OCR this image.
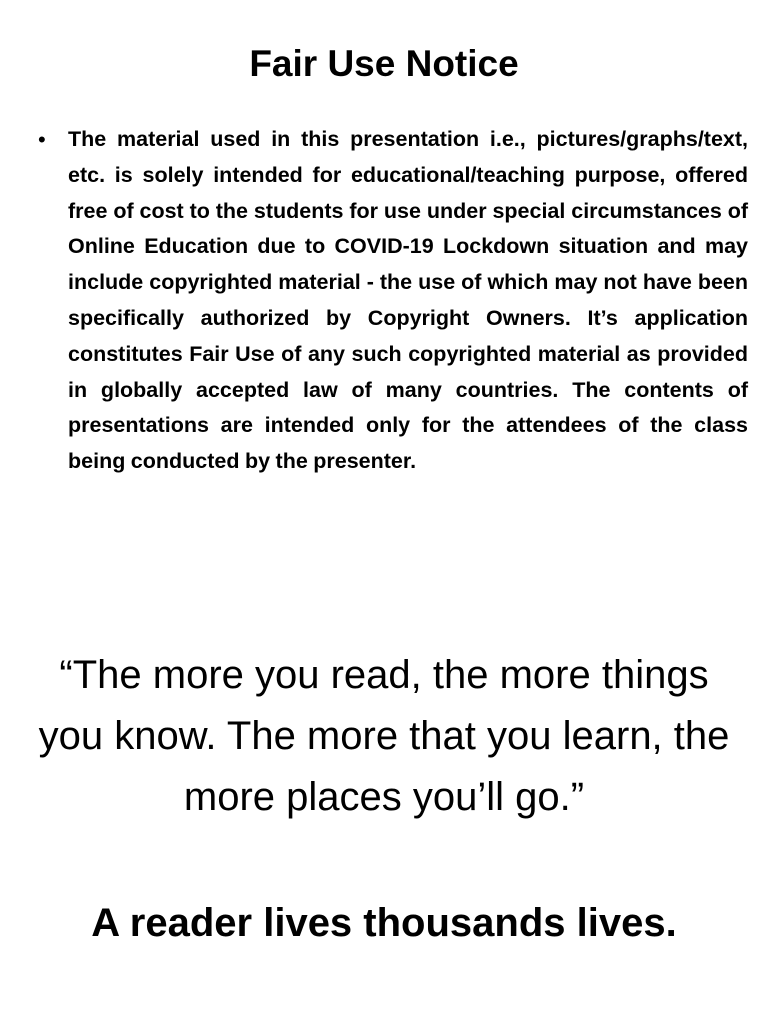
Fair Use Notice
• The material used in this presentation i.e., pictures/graphs/text, etc. is solely intended for educational/teaching purpose, offered free of cost to the students for use under special circumstances of Online Education due to COVID-19 Lockdown situation and may include copyrighted material - the use of which may not have been specifically authorized by Copyright Owners. It’s application constitutes Fair Use of any such copyrighted material as provided in globally accepted law of many countries. The contents of presentations are intended only for the attendees of the class being conducted by the presenter.

“The more you read, the more things you know. The more that you learn, the more places you’ll go.”

A reader lives thousands lives.
